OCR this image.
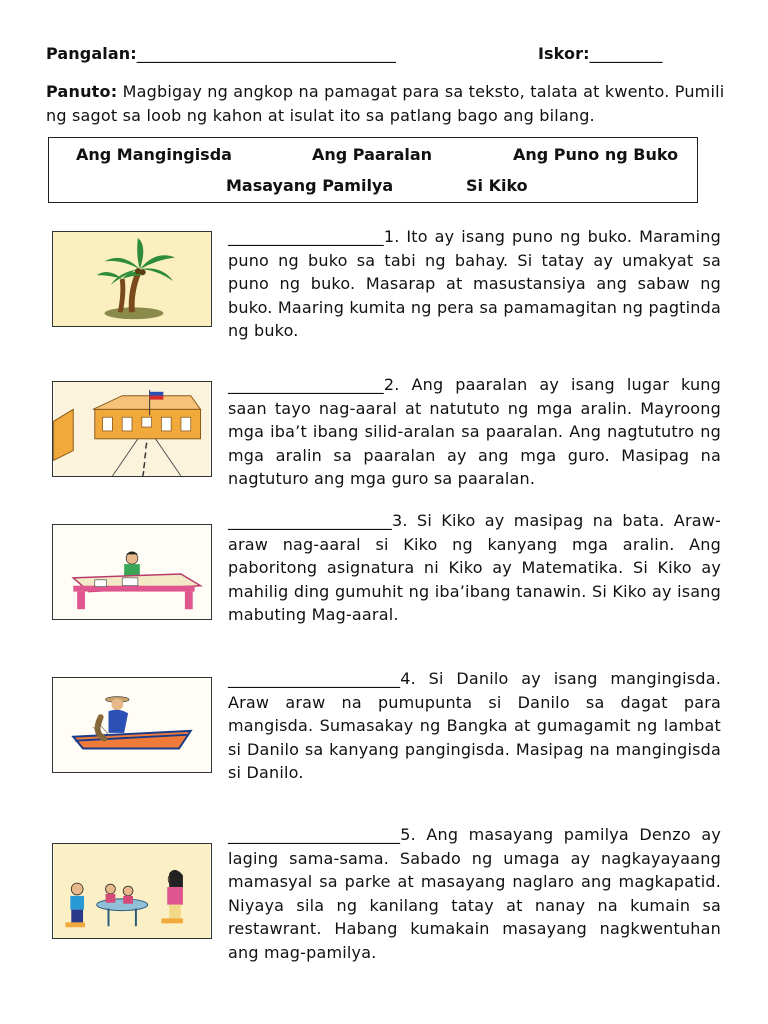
Pangalan:________________________________	Iskor:_________
Panuto: Magbigay ng angkop na pamagat para sa teksto, talata at kwento. Pumili ng sagot sa loob ng kahon at isulat ito sa patlang bago ang bilang.
Ang Mangingisda	Ang Paaralan	Ang Puno ng Buko
Masayang Pamilya	Si Kiko
___________________1. Ito ay isang puno ng buko. Maraming puno ng buko sa tabi ng bahay. Si tatay ay umakyat sa puno ng buko. Masarap at masustansiya ang sabaw ng buko. Maaring kumita ng pera sa pamamagitan ng pagtinda ng buko.
___________________2. Ang paaralan ay isang lugar kung saan tayo nag-aaral at natututo ng mga aralin. Mayroong mga iba’t ibang silid-aralan sa paaralan. Ang nagtututro ng mga aralin sa paaralan ay ang mga guro. Masipag na nagtuturo ang mga guro sa paaralan.
____________________3. Si Kiko ay masipag na bata. Araw-araw nag-aaral si Kiko ng kanyang mga aralin. Ang paboritong asignatura ni Kiko ay Matematika. Si Kiko ay mahilig ding gumuhit ng iba’ibang tanawin. Si Kiko ay isang mabuting Mag-aaral.
_____________________4. Si Danilo ay isang mangingisda. Araw araw na pumupunta si Danilo sa dagat para mangisda. Sumasakay ng Bangka at gumagamit ng lambat si Danilo sa kanyang pangingisda. Masipag na mangingisda si Danilo.
_____________________5. Ang masayang pamilya Denzo ay laging sama-sama. Sabado ng umaga ay nagkayayaang mamasyal sa parke at masayang naglaro ang magkapatid. Niyaya sila ng kanilang tatay at nanay na kumain sa restawrant. Habang kumakain masayang nagkwentuhan ang mag-pamilya.
